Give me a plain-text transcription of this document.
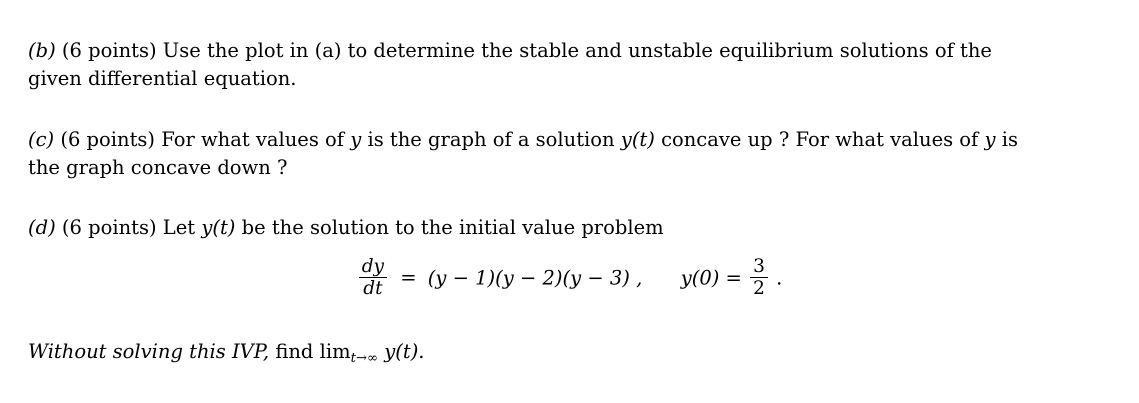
(b) (6 points) Use the plot in (a) to determine the stable and unstable equilibrium solutions of the given differential equation.
(c) (6 points) For what values of y is the graph of a solution y(t) concave up ? For what values of y is the graph concave down ?
(d) (6 points) Let y(t) be the solution to the initial value problem
$\frac{dy}{dt} = (y - 1)(y - 2)(y - 3)$ , $y(0) = \frac{3}{2}$ .
Without solving this IVP, find $\lim_{t\to\infty} y(t)$.
